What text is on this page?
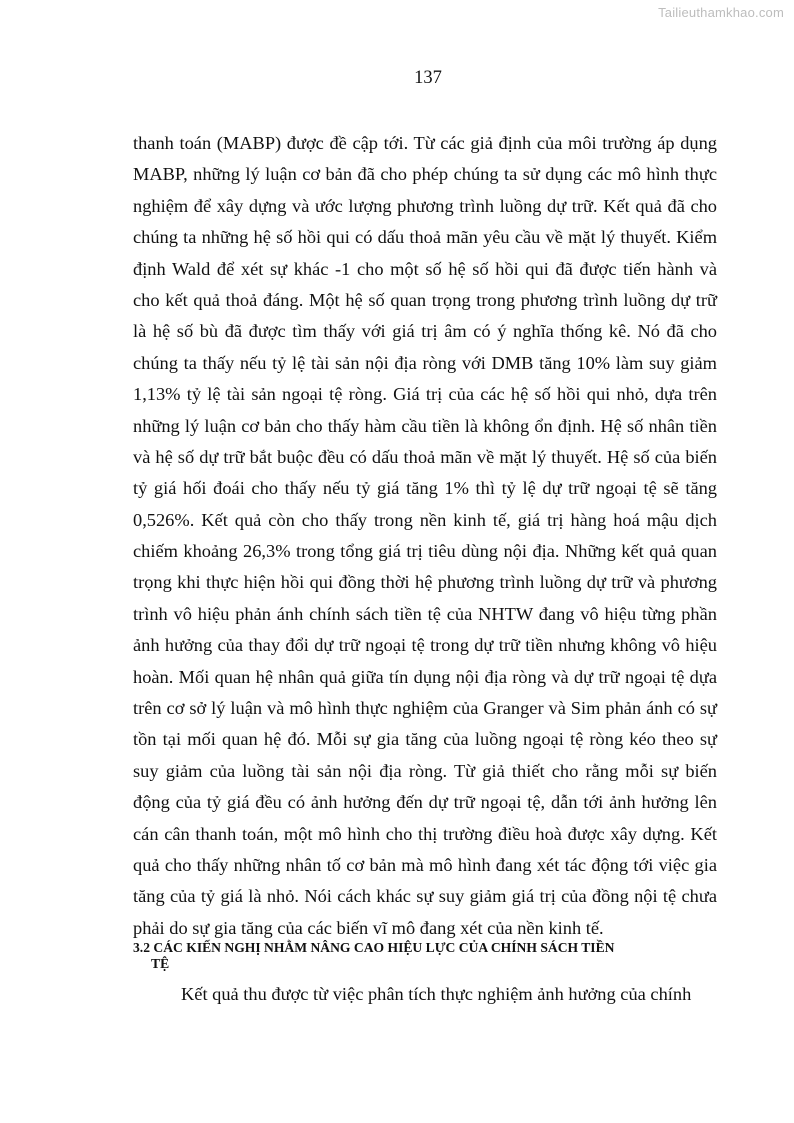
Tailieuthamkhao.com
137
thanh toán (MABP) được đề cập tới. Từ các giả định của môi trường áp dụng
MABP, những lý luận cơ bản đã cho phép chúng ta sử dụng các mô hình thực
nghiệm để xây dựng và ước lượng phương trình luồng dự trữ. Kết quả đã cho
chúng ta những hệ số hồi qui có dấu thoả mãn yêu cầu về mặt lý thuyết. Kiểm
định Wald để xét sự khác -1 cho một số hệ số hồi qui đã được tiến hành và
cho kết quả thoả đáng. Một hệ số quan trọng trong phương trình luồng dự trữ
là hệ số bù đã được tìm thấy với giá trị âm có ý nghĩa thống kê. Nó đã cho
chúng ta thấy nếu tỷ lệ tài sản nội địa ròng với DMB tăng 10% làm suy giảm
1,13% tỷ lệ tài sản ngoại tệ ròng. Giá trị của các hệ số hồi qui nhỏ, dựa trên
những lý luận cơ bản cho thấy hàm cầu tiền là không ổn định. Hệ số nhân tiền
và hệ số dự trữ bắt buộc đều có dấu thoả mãn về mặt lý thuyết. Hệ số của biến
tỷ giá hối đoái cho thấy nếu tỷ giá tăng 1% thì tỷ lệ dự trữ ngoại tệ sẽ tăng
0,526%. Kết quả còn cho thấy trong nền kinh tế, giá trị hàng hoá mậu dịch
chiếm khoảng 26,3% trong tổng giá trị tiêu dùng nội địa. Những kết quả quan
trọng khi thực hiện hồi qui đồng thời hệ phương trình luồng dự trữ và phương
trình vô hiệu phản ánh chính sách tiền tệ của NHTW đang vô hiệu từng phần
ảnh hưởng của thay đổi dự trữ ngoại tệ trong dự trữ tiền nhưng không vô hiệu
hoàn. Mối quan hệ nhân quả giữa tín dụng nội địa ròng và dự trữ ngoại tệ dựa
trên cơ sở lý luận và mô hình thực nghiệm của Granger và Sim phản ánh có sự
tồn tại mối quan hệ đó. Mỗi sự gia tăng của luồng ngoại tệ ròng kéo theo sự
suy giảm của luồng tài sản nội địa ròng. Từ giả thiết cho rằng mỗi sự biến
động của tỷ giá đều có ảnh hưởng đến dự trữ ngoại tệ, dẫn tới ảnh hưởng lên
cán cân thanh toán, một mô hình cho thị trường điều hoà được xây dựng. Kết
quả cho thấy những nhân tố cơ bản mà mô hình đang xét tác động tới việc gia
tăng của tỷ giá là nhỏ. Nói cách khác sự suy giảm giá trị của đồng nội tệ chưa
phải do sự gia tăng của các biến vĩ mô đang xét của nền kinh tế.
3.2 CÁC KIẾN NGHỊ NHẰM NÂNG CAO HIỆU LỰC CỦA CHÍNH SÁCH TIỀN
TỆ
Kết quả thu được từ việc phân tích thực nghiệm ảnh hưởng của chính
